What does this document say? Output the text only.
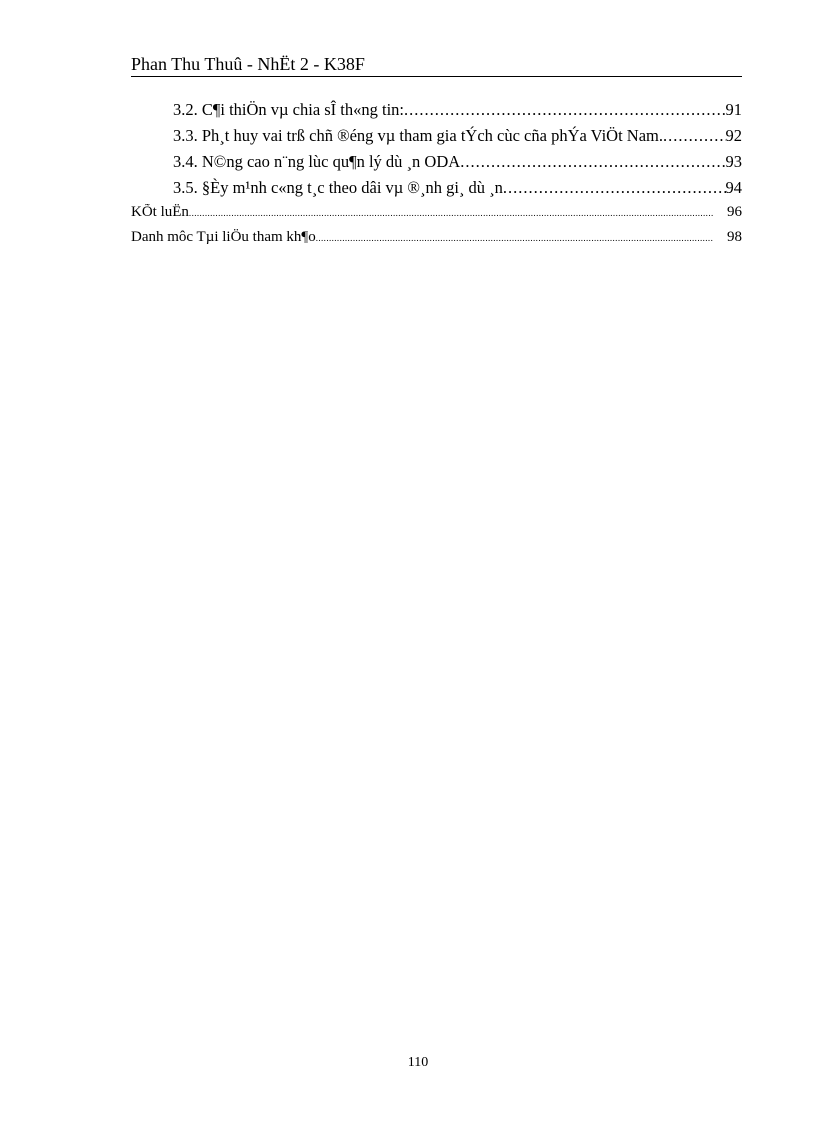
Phan Thu Thuû - NhËt 2 - K38F
3.2. C¶i thiÖn vµ chia sÎ th«ng tin: .....	91
3.3. Ph¸t huy vai trß chñ ®éng vµ tham gia tÝch cùc cña phÝa ViÖt Nam. .....	92
3.4. N©ng cao n¨ng lùc qu¶n lý dù ¸n ODA .....	93
3.5. §Èy m¹nh c«ng t¸c theo dâi vµ ®¸nh gi¸ dù ¸n .....	94
KÕt luËn .....	96
Danh môc Tµi liÖu tham kh¶o .....	98
110
